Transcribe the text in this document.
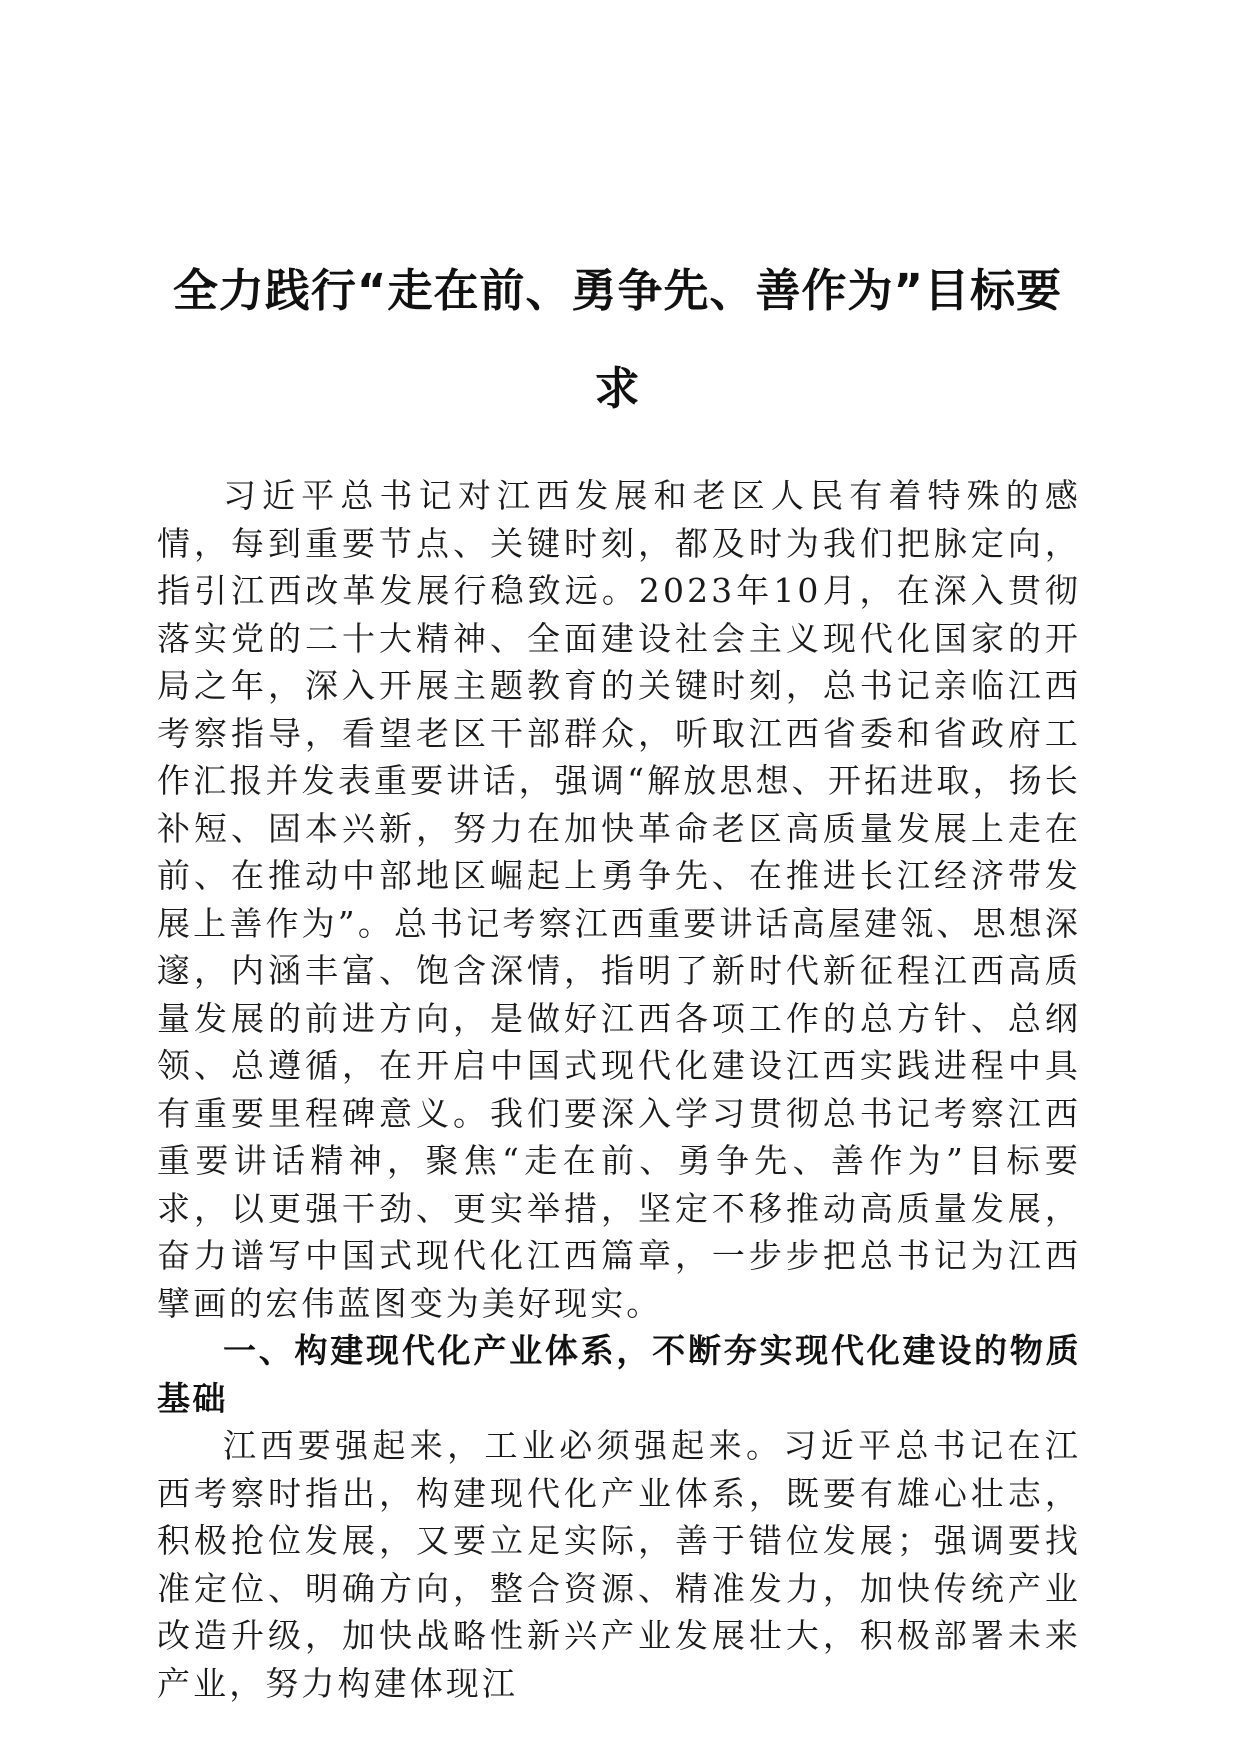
全力践行“走在前、勇争先、善作为”目标要求

习近平总书记对江西发展和老区人民有着特殊的感情，每到重要节点、关键时刻，都及时为我们把脉定向，指引江西改革发展行稳致远。2023年10月，在深入贯彻落实党的二十大精神、全面建设社会主义现代化国家的开局之年，深入开展主题教育的关键时刻，总书记亲临江西考察指导，看望老区干部群众，听取江西省委和省政府工作汇报并发表重要讲话，强调“解放思想、开拓进取，扬长补短、固本兴新，努力在加快革命老区高质量发展上走在前、在推动中部地区崛起上勇争先、在推进长江经济带发展上善作为”。总书记考察江西重要讲话高屋建瓴、思想深邃，内涵丰富、饱含深情，指明了新时代新征程江西高质量发展的前进方向，是做好江西各项工作的总方针、总纲领、总遵循，在开启中国式现代化建设江西实践进程中具有重要里程碑意义。我们要深入学习贯彻总书记考察江西重要讲话精神，聚焦“走在前、勇争先、善作为”目标要求，以更强干劲、更实举措，坚定不移推动高质量发展，奋力谱写中国式现代化江西篇章，一步步把总书记为江西擘画的宏伟蓝图变为美好现实。

一、构建现代化产业体系，不断夯实现代化建设的物质基础

江西要强起来，工业必须强起来。习近平总书记在江西考察时指出，构建现代化产业体系，既要有雄心壮志，积极抢位发展，又要立足实际，善于错位发展；强调要找准定位、明确方向，整合资源、精准发力，加快传统产业改造升级，加快战略性新兴产业发展壮大，积极部署未来产业，努力构建体现江
